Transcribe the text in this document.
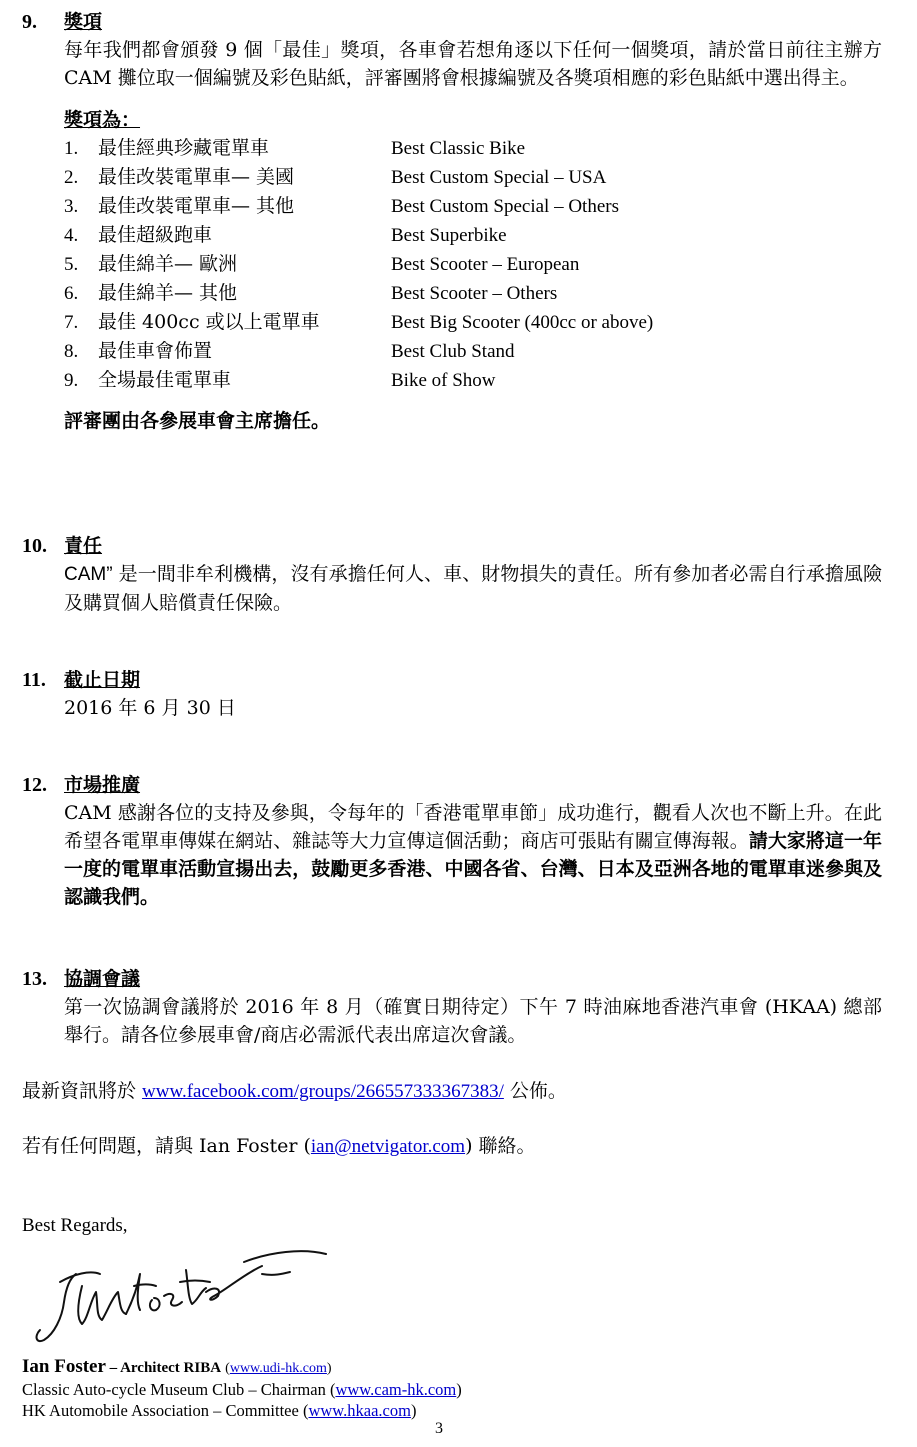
9. 獎項
每年我們都會頒發 9 個「最佳」獎項，各車會若想角逐以下任何一個獎項，請於當日前往主辦方 CAM 攤位取一個編號及彩色貼紙，評審團將會根據編號及各獎項相應的彩色貼紙中選出得主。
獎項為：
1.	最佳經典珍藏電單車	Best Classic Bike
2.	最佳改裝電單車— 美國	Best Custom Special – USA
3.	最佳改裝電單車— 其他	Best Custom Special – Others
4.	最佳超級跑車	Best Superbike
5.	最佳綿羊— 歐洲	Best Scooter – European
6.	最佳綿羊— 其他	Best Scooter – Others
7.	最佳 400cc 或以上電單車	Best Big Scooter (400cc or above)
8.	最佳車會佈置	Best Club Stand
9.	全場最佳電單車	Bike of Show
評審團由各參展車會主席擔任。
10. 責任
CAM” 是一間非牟利機構，沒有承擔任何人、車、財物損失的責任。所有參加者必需自行承擔風險及購買個人賠償責任保險。
11. 截止日期
2016 年 6 月 30 日
12. 市場推廣
CAM 感謝各位的支持及參與，令每年的「香港電單車節」成功進行，觀看人次也不斷上升。在此希望各電單車傳媒在網站、雜誌等大力宣傳這個活動；商店可張貼有關宣傳海報。請大家將這一年一度的電單車活動宣揚出去，鼓勵更多香港、中國各省、台灣、日本及亞洲各地的電單車迷參與及認識我們。
13. 協調會議
第一次協調會議將於 2016 年 8 月（確實日期待定）下午 7 時油麻地香港汽車會 (HKAA) 總部舉行。請各位參展車會/商店必需派代表出席這次會議。
最新資訊將於 www.facebook.com/groups/266557333367383/ 公佈。
若有任何問題，請與 Ian Foster (ian@netvigator.com) 聯絡。
Best Regards,
Ian Foster – Architect RIBA (www.udi-hk.com)
Classic Auto-cycle Museum Club – Chairman (www.cam-hk.com)
HK Automobile Association – Committee (www.hkaa.com)
3
